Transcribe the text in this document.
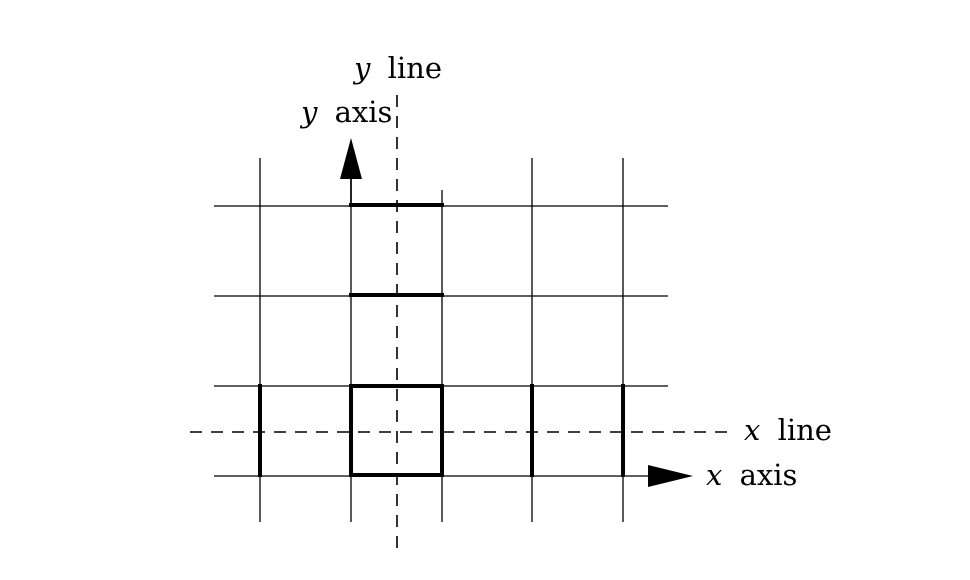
y line
y axis
x line
x axis
